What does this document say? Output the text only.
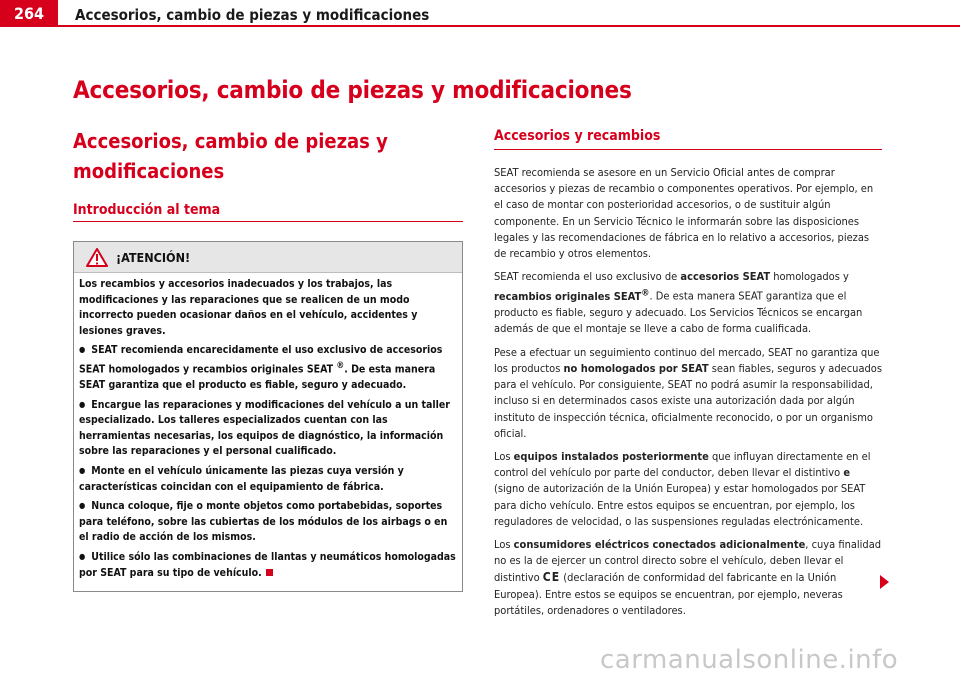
264	Accesorios, cambio de piezas y modificaciones
Accesorios, cambio de piezas y modificaciones
Accesorios, cambio de piezas y
modificaciones
Introducción al tema
¡ATENCIÓN!

Los recambios y accesorios inadecuados y los trabajos, las modificaciones y las reparaciones que se realicen de un modo incorrecto pueden ocasionar daños en el vehículo, accidentes y lesiones graves.

● SEAT recomienda encarecidamente el uso exclusivo de accesorios SEAT homologados y recambios originales SEAT ®. De esta manera SEAT garantiza que el producto es fiable, seguro y adecuado.

● Encargue las reparaciones y modificaciones del vehículo a un taller especializado. Los talleres especializados cuentan con las herramientas necesarias, los equipos de diagnóstico, la información sobre las reparaciones y el personal cualificado.

● Monte en el vehículo únicamente las piezas cuya versión y características coincidan con el equipamiento de fábrica.

● Nunca coloque, fije o monte objetos como portabebidas, soportes para teléfono, sobre las cubiertas de los módulos de los airbags o en el radio de acción de los mismos.

● Utilice sólo las combinaciones de llantas y neumáticos homologadas por SEAT para su tipo de vehículo.

Accesorios y recambios

SEAT recomienda se asesore en un Servicio Oficial antes de comprar accesorios y piezas de recambio o componentes operativos. Por ejemplo, en el caso de montar con posterioridad accesorios, o de sustituir algún componente. En un Servicio Técnico le informarán sobre las disposiciones legales y las recomendaciones de fábrica en lo relativo a accesorios, piezas de recambio y otros elementos.

SEAT recomienda el uso exclusivo de accesorios SEAT homologados y recambios originales SEAT®. De esta manera SEAT garantiza que el producto es fiable, seguro y adecuado. Los Servicios Técnicos se encargan además de que el montaje se lleve a cabo de forma cualificada.

Pese a efectuar un seguimiento continuo del mercado, SEAT no garantiza que los productos no homologados por SEAT sean fiables, seguros y adecuados para el vehículo. Por consiguiente, SEAT no podrá asumir la responsabilidad, incluso si en determinados casos existe una autorización dada por algún instituto de inspección técnica, oficialmente reconocido, o por un organismo oficial.

Los equipos instalados posteriormente que influyan directamente en el control del vehículo por parte del conductor, deben llevar el distintivo e (signo de autorización de la Unión Europea) y estar homologados por SEAT para dicho vehículo. Entre estos equipos se encuentran, por ejemplo, los reguladores de velocidad, o las suspensiones reguladas electrónicamente.

Los consumidores eléctricos conectados adicionalmente, cuya finalidad no es la de ejercer un control directo sobre el vehículo, deben llevar el distintivo CE (declaración de conformidad del fabricante en la Unión Europea). Entre estos se equipos se encuentran, por ejemplo, neveras portátiles, ordenadores o ventiladores.

carmanualsonline.info
